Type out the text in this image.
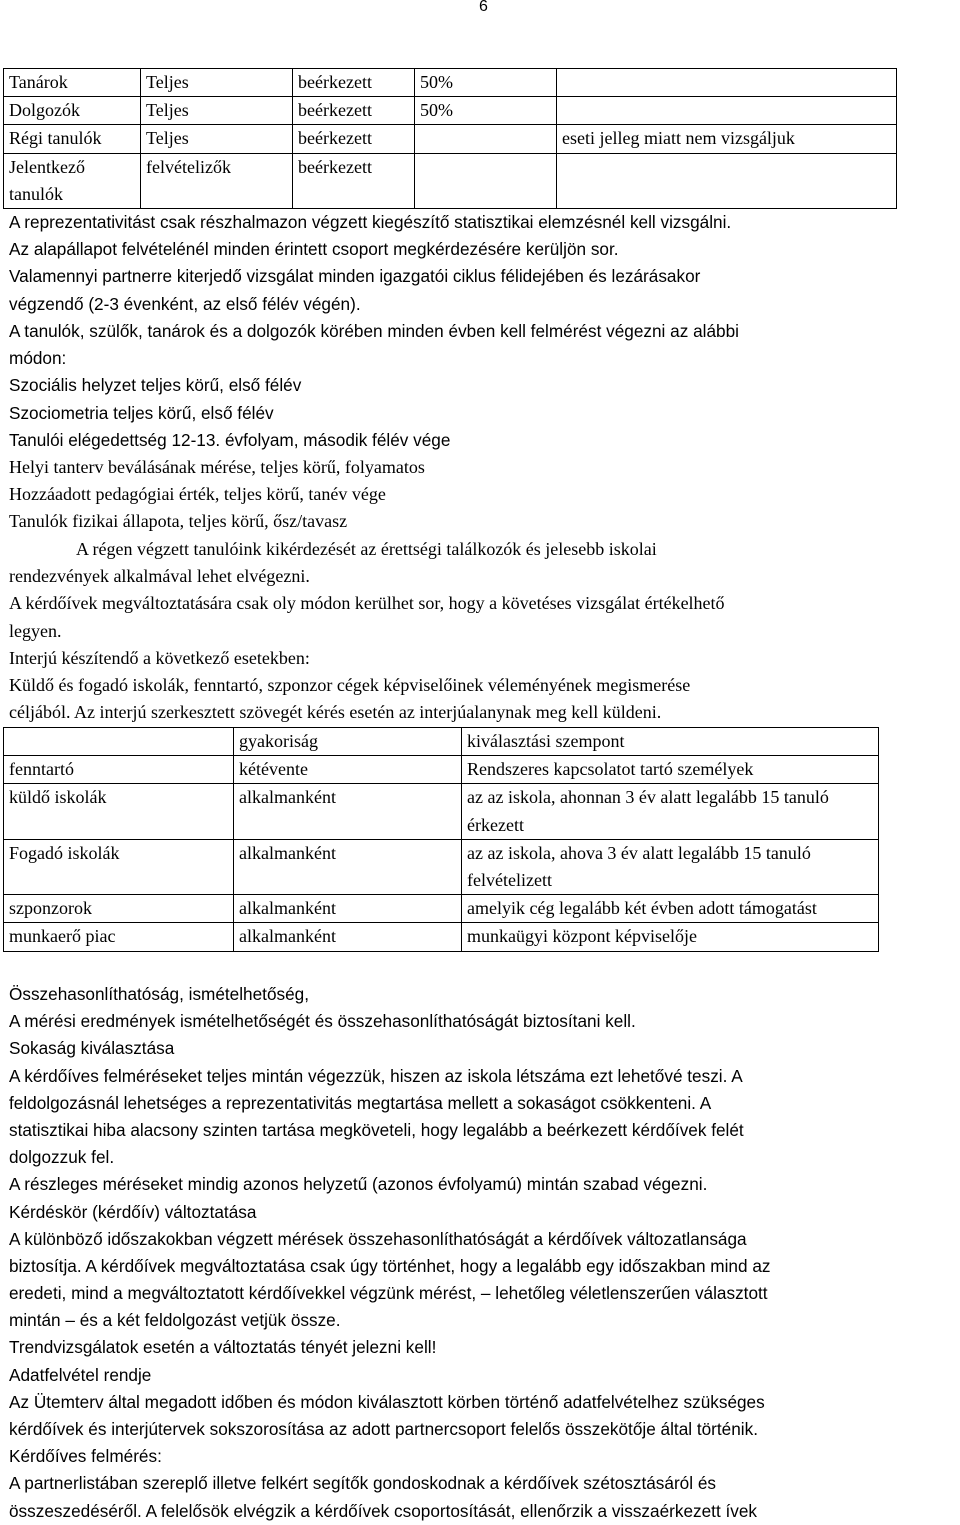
6
Tanárok	Teljes	beérkezett	50%	
Dolgozók	Teljes	beérkezett	50%	
Régi tanulók	Teljes	beérkezett		eseti jelleg miatt nem vizsgáljuk
Jelentkező tanulók	felvételizők	beérkezett		
A reprezentativitást csak részhalmazon végzett kiegészítő statisztikai elemzésnél kell vizsgálni.
Az alapállapot felvételénél minden érintett csoport megkérdezésére kerüljön sor.
Valamennyi partnerre kiterjedő vizsgálat minden igazgatói ciklus félidejében és lezárásakor
végzendő (2-3 évenként, az első félév végén).
A tanulók, szülők, tanárok és a dolgozók körében minden évben kell felmérést végezni az alábbi
módon:
Szociális helyzet teljes körű, első félév
Szociometria teljes körű, első félév
Tanulói elégedettség 12-13. évfolyam, második félév vége
Helyi tanterv beválásának mérése, teljes körű, folyamatos
Hozzáadott pedagógiai érték, teljes körű, tanév vége
Tanulók fizikai állapota, teljes körű, ősz/tavasz
A régen végzett tanulóink kikérdezését az érettségi találkozók és jelesebb iskolai
rendezvények alkalmával lehet elvégezni.
A kérdőívek megváltoztatására csak oly módon kerülhet sor, hogy a követéses vizsgálat értékelhető
legyen.
Interjú készítendő a következő esetekben:
Küldő és fogadó iskolák, fenntartó, szponzor cégek képviselőinek véleményének megismerése
céljából. Az interjú szerkesztett szövegét kérés esetén az interjúalanynak meg kell küldeni.
	gyakoriság	kiválasztási szempont
fenntartó	kétévente	Rendszeres kapcsolatot tartó személyek
küldő iskolák	alkalmanként	az az iskola, ahonnan 3 év alatt legalább 15 tanuló érkezett
Fogadó iskolák	alkalmanként	az az iskola, ahova 3 év alatt legalább 15 tanuló felvételizett
szponzorok	alkalmanként	amelyik cég legalább két évben adott támogatást
munkaerő piac	alkalmanként	munkaügyi központ képviselője
Összehasonlíthatóság, ismételhetőség,
A mérési eredmények ismételhetőségét és összehasonlíthatóságát biztosítani kell.
Sokaság kiválasztása
A kérdőíves felméréseket teljes mintán végezzük, hiszen az iskola létszáma ezt lehetővé teszi. A
feldolgozásnál lehetséges a reprezentativitás megtartása mellett a sokaságot csökkenteni. A
statisztikai hiba alacsony szinten tartása megköveteli, hogy legalább a beérkezett kérdőívek felét
dolgozzuk fel.
A részleges méréseket mindig azonos helyzetű (azonos évfolyamú) mintán szabad végezni.
Kérdéskör (kérdőív) változtatása
A különböző időszakokban végzett mérések összehasonlíthatóságát a kérdőívek változatlansága
biztosítja. A kérdőívek megváltoztatása csak úgy történhet, hogy a legalább egy időszakban mind az
eredeti, mind a megváltoztatott kérdőívekkel végzünk mérést, – lehetőleg véletlenszerűen választott
mintán – és a két feldolgozást vetjük össze.
Trendvizsgálatok esetén a változtatás tényét jelezni kell!
Adatfelvétel rendje
Az Ütemterv által megadott időben és módon kiválasztott körben történő adatfelvételhez szükséges
kérdőívek és interjútervek sokszorosítása az adott partnercsoport felelős összekötője által történik.
Kérdőíves felmérés:
A partnerlistában szereplő illetve felkért segítők gondoskodnak a kérdőívek szétosztásáról és
összeszedéséről. A felelősök elvégzik a kérdőívek csoportosítását, ellenőrzik a visszaérkezett ívek
